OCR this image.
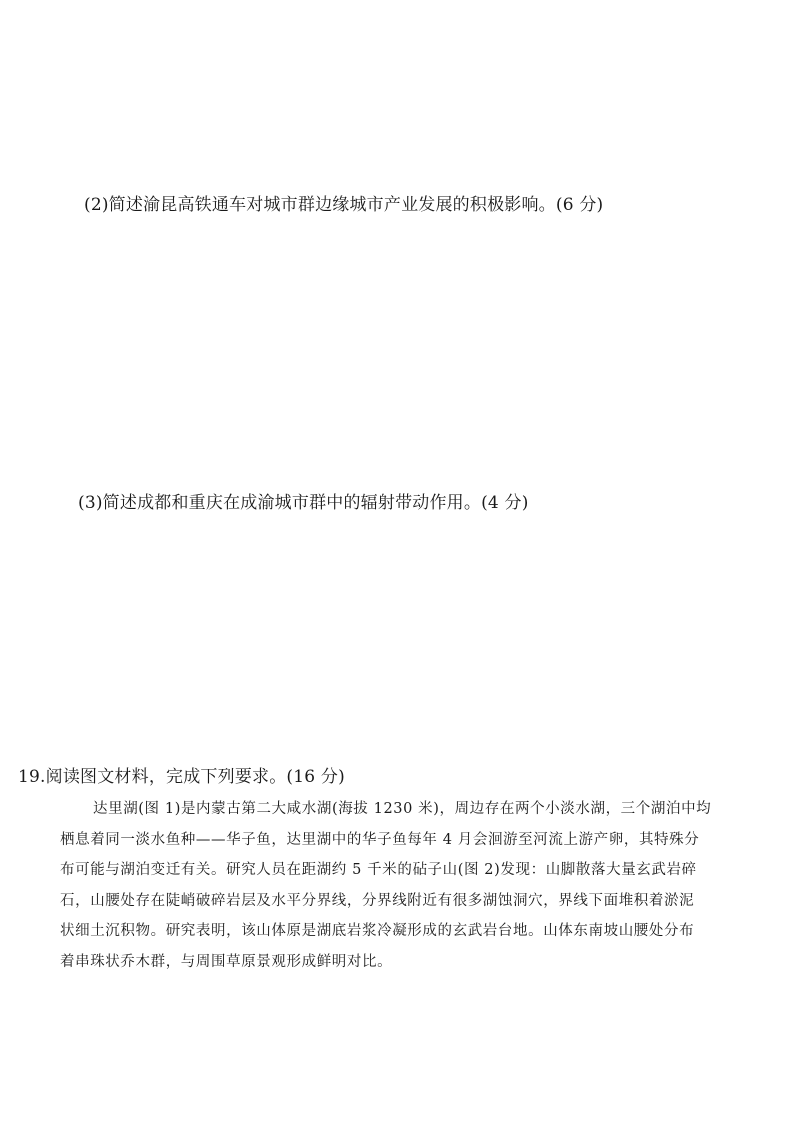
(2)简述渝昆高铁通车对城市群边缘城市产业发展的积极影响。(6 分)
(3)简述成都和重庆在成渝城市群中的辐射带动作用。(4 分)
19.阅读图文材料，完成下列要求。(16 分)
达里湖(图 1)是内蒙古第二大咸水湖(海拔 1230 米)，周边存在两个小淡水湖，三个湖泊中均
栖息着同一淡水鱼种——华子鱼，达里湖中的华子鱼每年 4 月会洄游至河流上游产卵，其特殊分
布可能与湖泊变迁有关。研究人员在距湖约 5 千米的砧子山(图 2)发现：山脚散落大量玄武岩碎
石，山腰处存在陡峭破碎岩层及水平分界线，分界线附近有很多湖蚀洞穴，界线下面堆积着淤泥
状细土沉积物。研究表明，该山体原是湖底岩浆冷凝形成的玄武岩台地。山体东南坡山腰处分布
着串珠状乔木群，与周围草原景观形成鲜明对比。
